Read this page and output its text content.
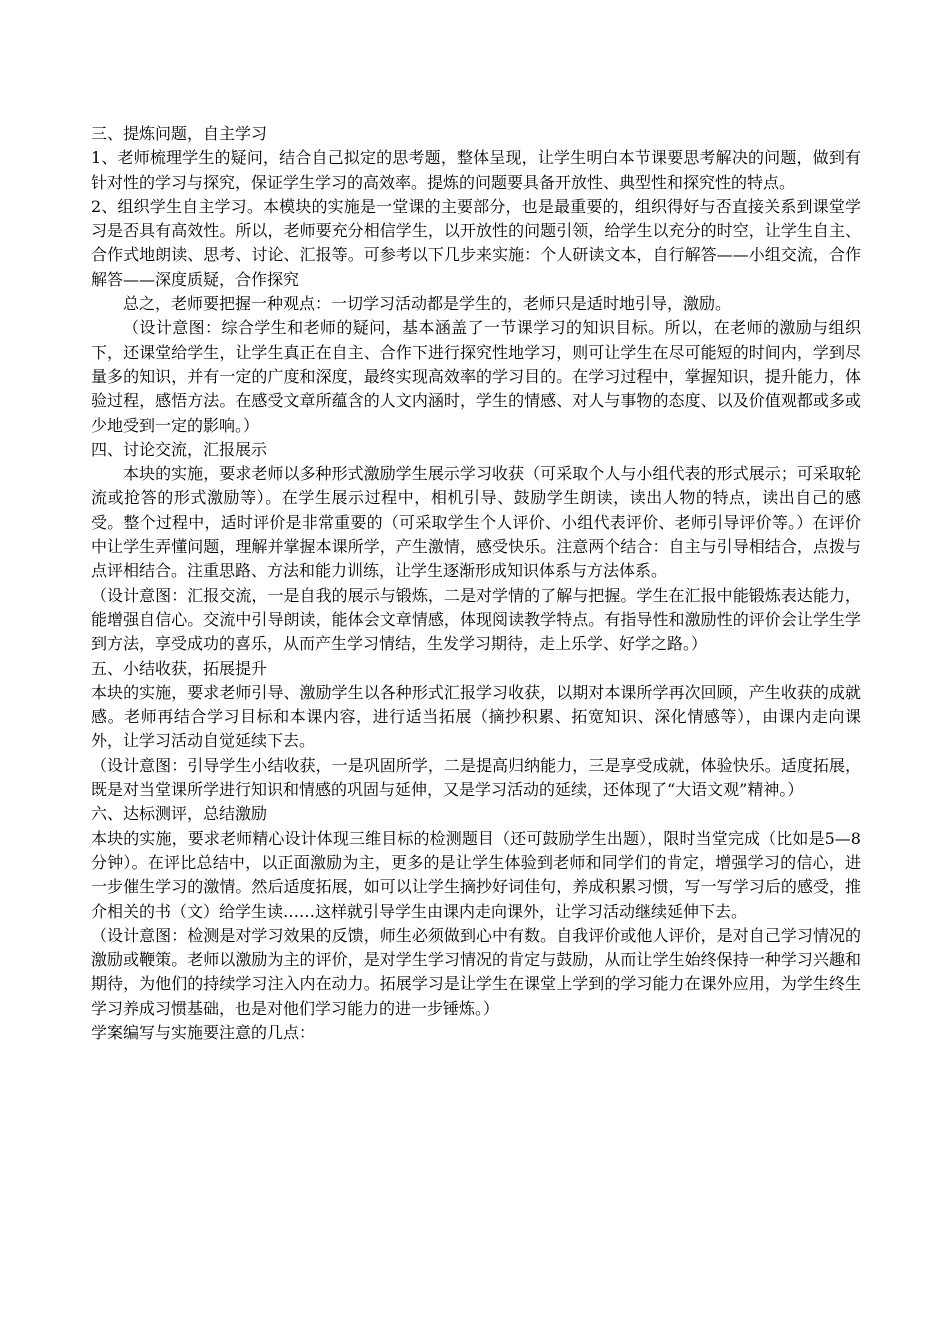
三、提炼问题，自主学习

1、老师梳理学生的疑问，结合自己拟定的思考题，整体呈现，让学生明白本节课要思考解决的问题，做到有针对性的学习与探究，保证学生学习的高效率。提炼的问题要具备开放性、典型性和探究性的特点。

2、组织学生自主学习。本模块的实施是一堂课的主要部分，也是最重要的，组织得好与否直接关系到课堂学习是否具有高效性。所以，老师要充分相信学生，以开放性的问题引领，给学生以充分的时空，让学生自主、合作式地朗读、思考、讨论、汇报等。可参考以下几步来实施：个人研读文本，自行解答——小组交流，合作解答——深度质疑，合作探究

总之，老师要把握一种观点：一切学习活动都是学生的，老师只是适时地引导，激励。

（设计意图：综合学生和老师的疑问，基本涵盖了一节课学习的知识目标。所以，在老师的激励与组织下，还课堂给学生，让学生真正在自主、合作下进行探究性地学习，则可让学生在尽可能短的时间内，学到尽量多的知识，并有一定的广度和深度，最终实现高效率的学习目的。在学习过程中，掌握知识，提升能力，体验过程，感悟方法。在感受文章所蕴含的人文内涵时，学生的情感、对人与事物的态度、以及价值观都或多或少地受到一定的影响。）

四、讨论交流，汇报展示

本块的实施，要求老师以多种形式激励学生展示学习收获（可采取个人与小组代表的形式展示；可采取轮流或抢答的形式激励等）。在学生展示过程中，相机引导、鼓励学生朗读，读出人物的特点，读出自己的感受。整个过程中，适时评价是非常重要的（可采取学生个人评价、小组代表评价、老师引导评价等。）在评价中让学生弄懂问题，理解并掌握本课所学，产生激情，感受快乐。注意两个结合：自主与引导相结合，点拨与点评相结合。注重思路、方法和能力训练，让学生逐渐形成知识体系与方法体系。

（设计意图：汇报交流，一是自我的展示与锻炼，二是对学情的了解与把握。学生在汇报中能锻炼表达能力，能增强自信心。交流中引导朗读，能体会文章情感，体现阅读教学特点。有指导性和激励性的评价会让学生学到方法，享受成功的喜乐，从而产生学习情结，生发学习期待，走上乐学、好学之路。）

五、小结收获，拓展提升

本块的实施，要求老师引导、激励学生以各种形式汇报学习收获，以期对本课所学再次回顾，产生收获的成就感。老师再结合学习目标和本课内容，进行适当拓展（摘抄积累、拓宽知识、深化情感等），由课内走向课外，让学习活动自觉延续下去。

（设计意图：引导学生小结收获，一是巩固所学，二是提高归纳能力，三是享受成就，体验快乐。适度拓展，既是对当堂课所学进行知识和情感的巩固与延伸，又是学习活动的延续，还体现了“大语文观”精神。）

六、达标测评，总结激励

本块的实施，要求老师精心设计体现三维目标的检测题目（还可鼓励学生出题），限时当堂完成（比如是5—8分钟）。在评比总结中，以正面激励为主，更多的是让学生体验到老师和同学们的肯定，增强学习的信心，进一步催生学习的激情。然后适度拓展，如可以让学生摘抄好词佳句，养成积累习惯，写一写学习后的感受，推介相关的书（文）给学生读……这样就引导学生由课内走向课外，让学习活动继续延伸下去。

（设计意图：检测是对学习效果的反馈，师生必须做到心中有数。自我评价或他人评价，是对自己学习情况的激励或鞭策。老师以激励为主的评价，是对学生学习情况的肯定与鼓励，从而让学生始终保持一种学习兴趣和期待，为他们的持续学习注入内在动力。拓展学习是让学生在课堂上学到的学习能力在课外应用，为学生终生学习养成习惯基础，也是对他们学习能力的进一步锤炼。）

学案编写与实施要注意的几点：
